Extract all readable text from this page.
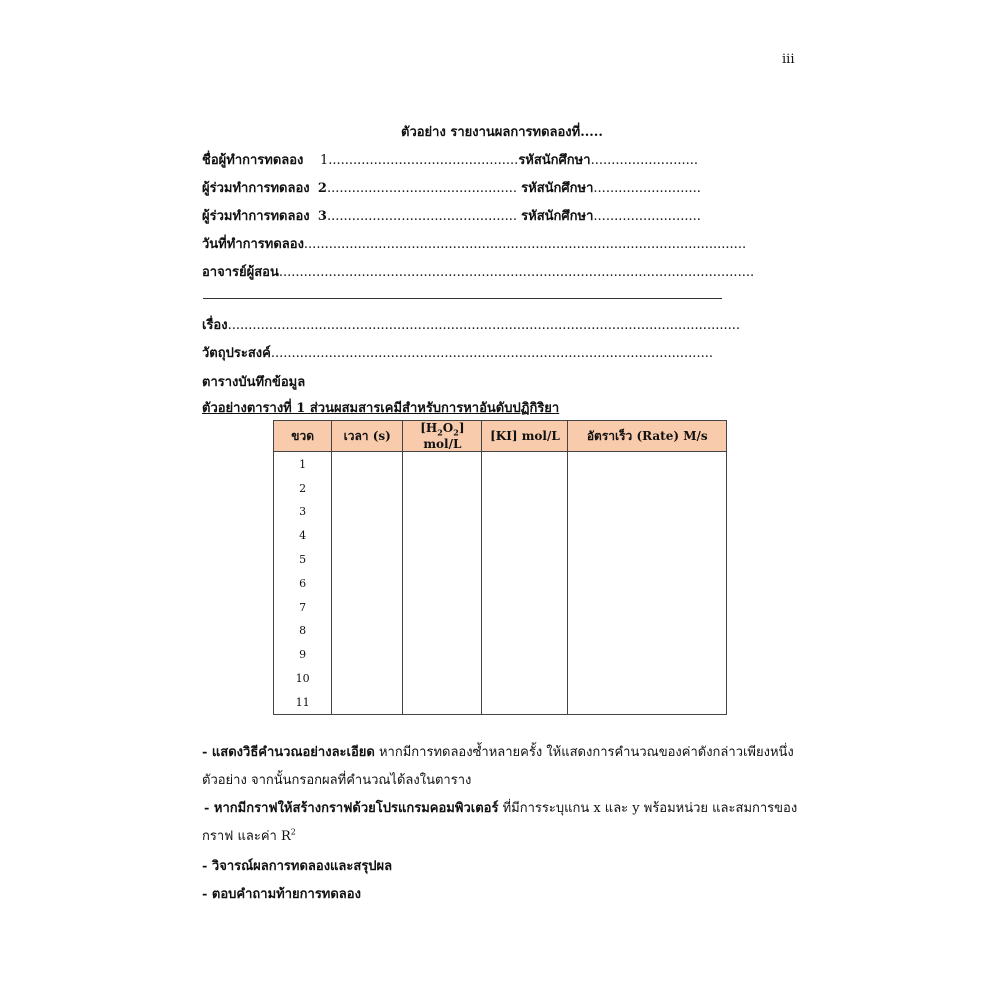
iii
ตัวอย่าง รายงานผลการทดลองที่.....
ชื่อผู้ทำการทดลอง 1..............................................รหัสนักศึกษา..........................
ผู้ร่วมทำการทดลอง 2.............................................. รหัสนักศึกษา..........................
ผู้ร่วมทำการทดลอง 3.............................................. รหัสนักศึกษา..........................
วันที่ทำการทดลอง...........................................................................................................
อาจารย์ผู้สอน...................................................................................................................
เรื่อง............................................................................................................................
วัตถุประสงค์...........................................................................................................
ตารางบันทึกข้อมูล
ตัวอย่างตารางที่ 1 ส่วนผสมสารเคมีสำหรับการหาอันดับปฏิกิริยา
ขวด	เวลา (s)	$[H_2O_2]$ mol/L	[KI] mol/L	อัตราเร็ว (Rate) M/s
1				
2				
3				
4				
5				
6				
7				
8				
9				
10				
11				
- แสดงวิธีคำนวณอย่างละเอียด หากมีการทดลองซ้ำหลายครั้ง ให้แสดงการคำนวณของค่าดังกล่าวเพียงหนึ่ง
ตัวอย่าง จากนั้นกรอกผลที่คำนวณได้ลงในตาราง
- หากมีกราฟให้สร้างกราฟด้วยโปรแกรมคอมพิวเตอร์ ที่มีการระบุแกน x และ y พร้อมหน่วย และสมการของ
กราฟ และค่า $R^2$
- วิจารณ์ผลการทดลองและสรุปผล
- ตอบคำถามท้ายการทดลอง
